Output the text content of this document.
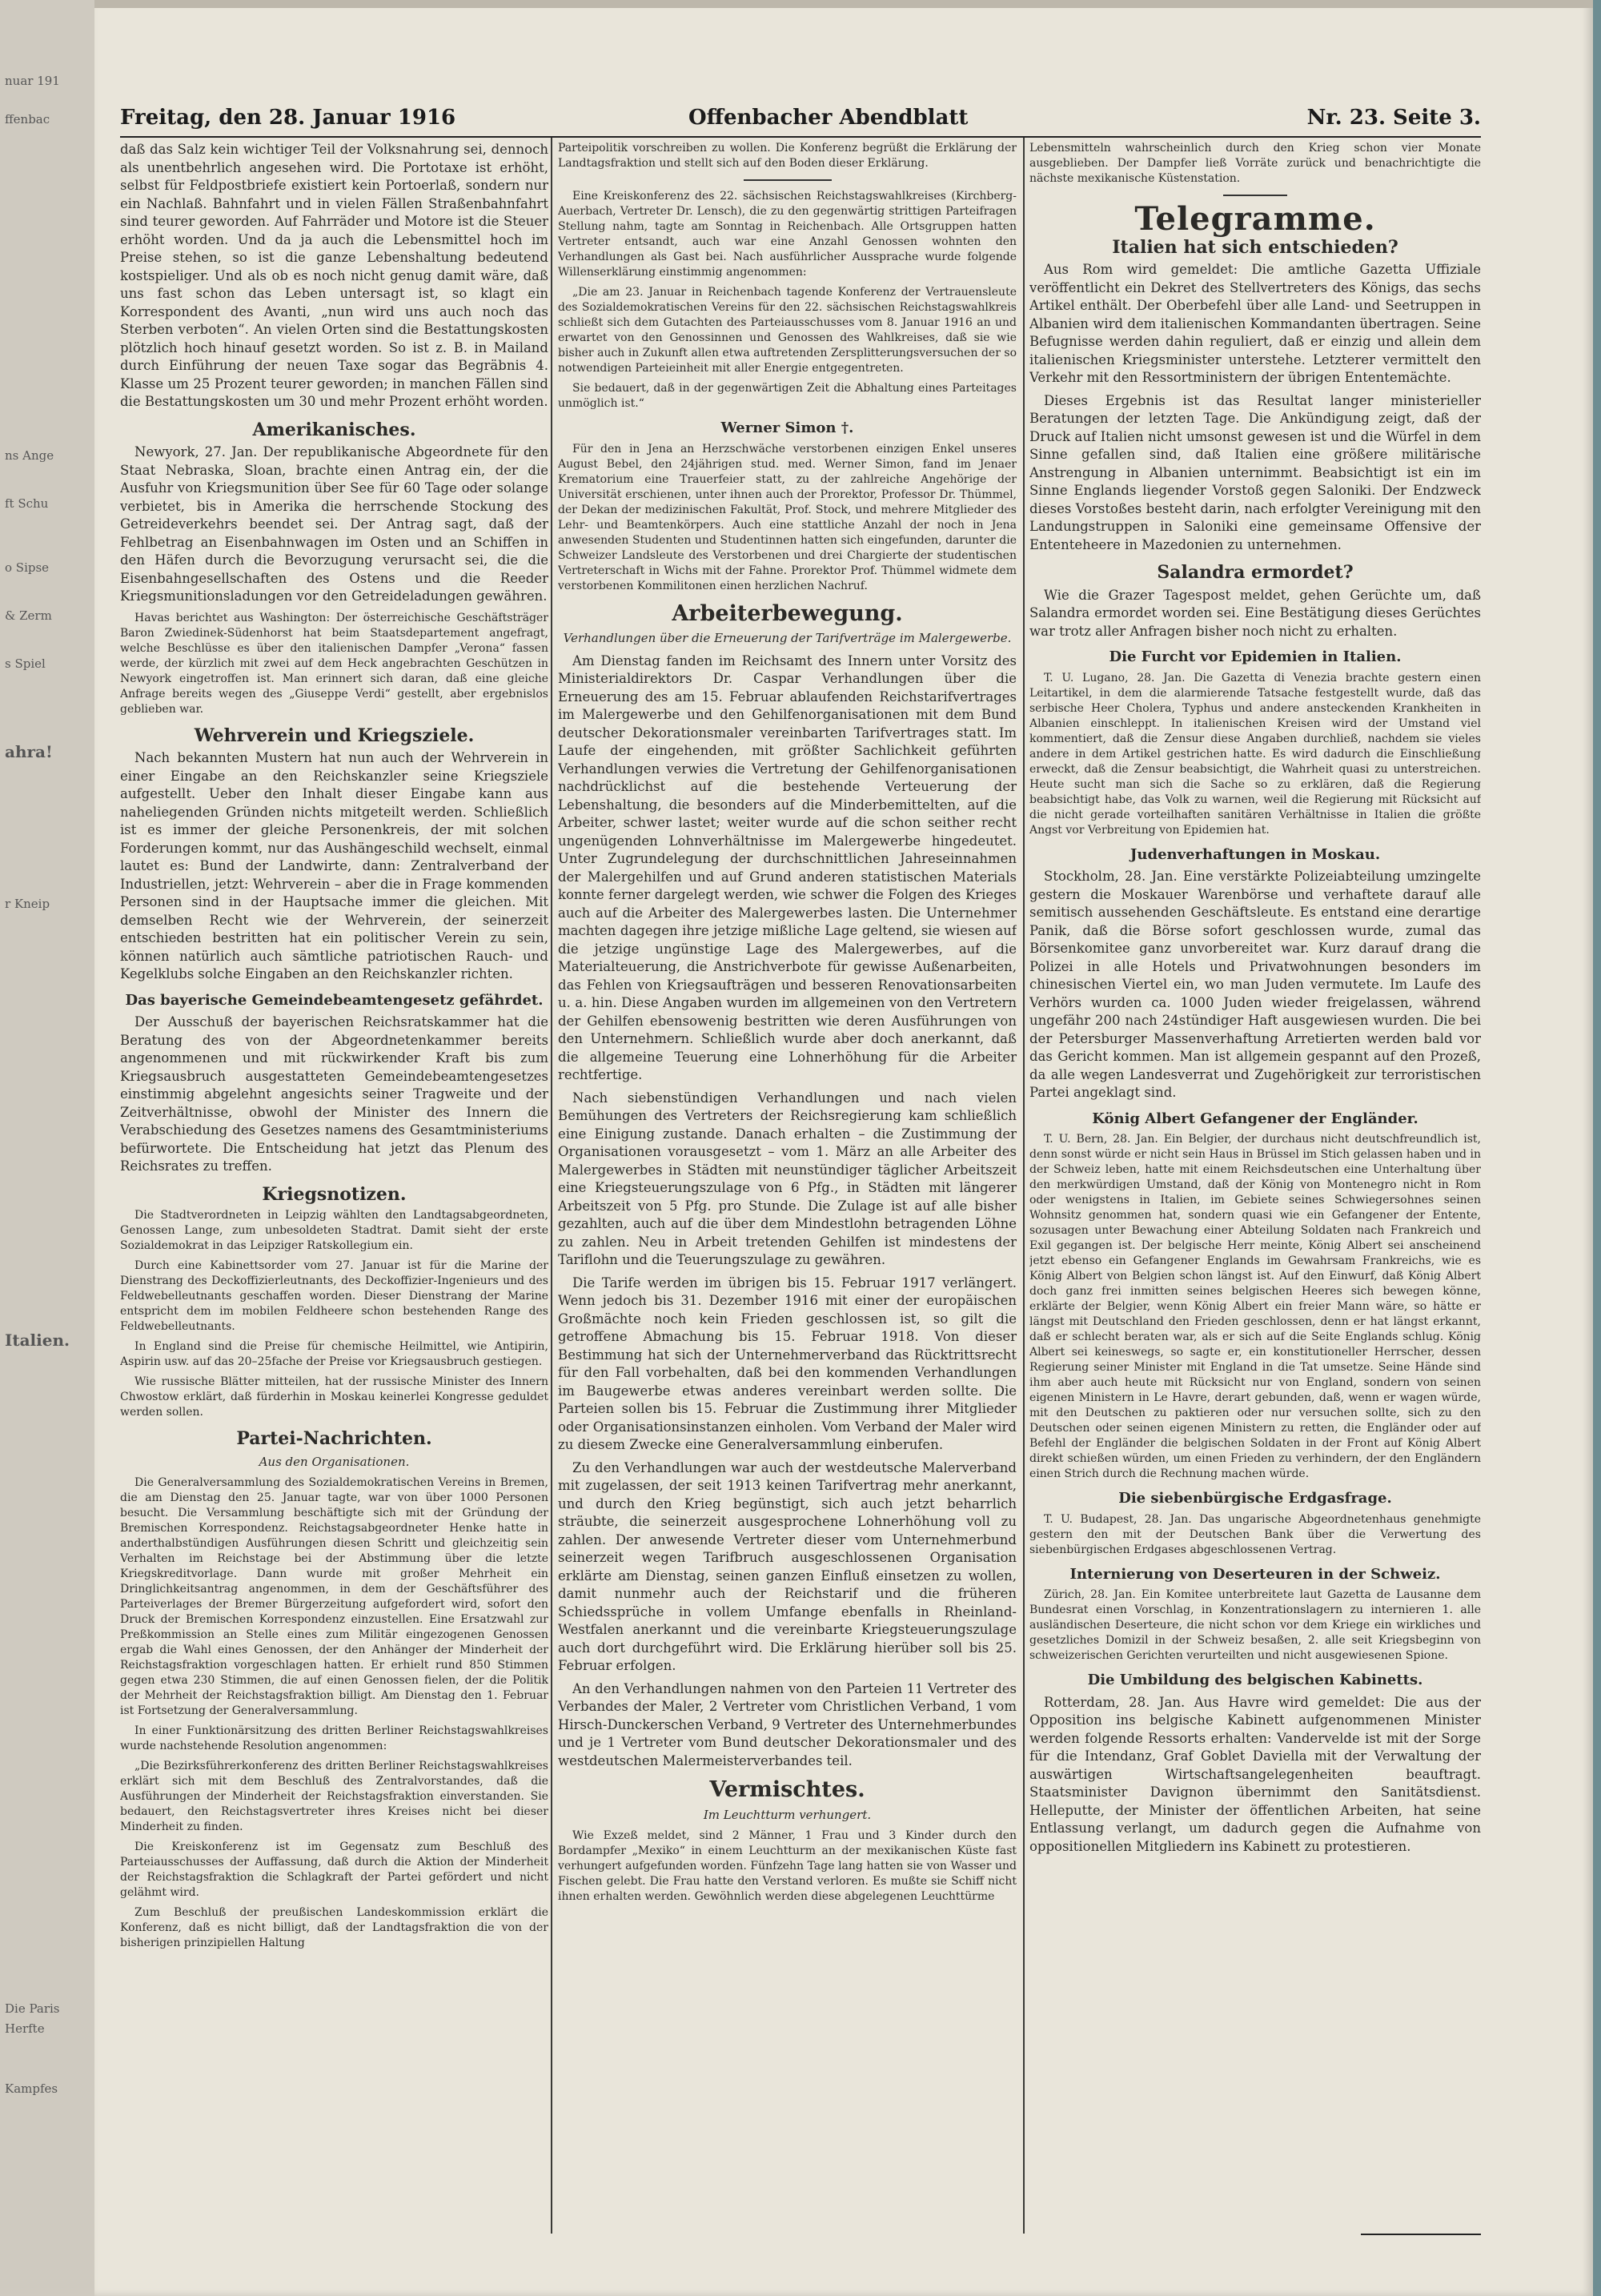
nuar 191
ffenbac
ns Ange
ft Schu
o Sipse
& Zerm
s Spiel
ahra!
r Kneip
Italien.
Die Paris
Herfte
Kampfes
Freitag, den 28. Januar 1916	Offenbacher Abendblatt	Nr. 23. Seite 3.

daß das Salz kein wichtiger Teil der Volksnahrung sei, dennoch als unentbehrlich angesehen wird. Die Portotaxe ist erhöht, selbst für Feldpostbriefe existiert kein Portoerlaß, sondern nur ein Nachlaß. Bahnfahrt und in vielen Fällen Straßenbahnfahrt sind teurer geworden. Auf Fahrräder und Motore ist die Steuer erhöht worden. Und da ja auch die Lebensmittel hoch im Preise stehen, so ist die ganze Lebenshaltung bedeutend kostspieliger. Und als ob es noch nicht genug damit wäre, daß uns fast schon das Leben untersagt ist, so klagt ein Korrespondent des Avanti, „nun wird uns auch noch das Sterben verboten“. An vielen Orten sind die Bestattungskosten plötzlich hoch hinauf gesetzt worden. So ist z. B. in Mailand durch Einführung der neuen Taxe sogar das Begräbnis 4. Klasse um 25 Prozent teurer geworden; in manchen Fällen sind die Bestattungskosten um 30 und mehr Prozent erhöht worden.

Amerikanisches.

Newyork, 27. Jan. Der republikanische Abgeordnete für den Staat Nebraska, Sloan, brachte einen Antrag ein, der die Ausfuhr von Kriegsmunition über See für 60 Tage oder solange verbietet, bis in Amerika die herrschende Stockung des Getreideverkehrs beendet sei. Der Antrag sagt, daß der Fehlbetrag an Eisenbahnwagen im Osten und an Schiffen in den Häfen durch die Bevorzugung verursacht sei, die die Eisenbahngesellschaften des Ostens und die Reeder Kriegsmunitionsladungen vor den Getreideladungen gewähren.

Havas berichtet aus Washington: Der österreichische Geschäftsträger Baron Zwiedinek-Südenhorst hat beim Staatsdepartement angefragt, welche Beschlüsse es über den italienischen Dampfer „Verona“ fassen werde, der kürzlich mit zwei auf dem Heck angebrachten Geschützen in Newyork eingetroffen ist. Man erinnert sich daran, daß eine gleiche Anfrage bereits wegen des „Giuseppe Verdi“ gestellt, aber ergebnislos geblieben war.

Wehrverein und Kriegsziele.

Nach bekannten Mustern hat nun auch der Wehrverein in einer Eingabe an den Reichskanzler seine Kriegsziele aufgestellt. Ueber den Inhalt dieser Eingabe kann aus naheliegenden Gründen nichts mitgeteilt werden. Schließlich ist es immer der gleiche Personenkreis, der mit solchen Forderungen kommt, nur das Aushängeschild wechselt, einmal lautet es: Bund der Landwirte, dann: Zentralverband der Industriellen, jetzt: Wehrverein – aber die in Frage kommenden Personen sind in der Hauptsache immer die gleichen. Mit demselben Recht wie der Wehrverein, der seinerzeit entschieden bestritten hat ein politischer Verein zu sein, können natürlich auch sämtliche patriotischen Rauch- und Kegelklubs solche Eingaben an den Reichskanzler richten.

Das bayerische Gemeindebeamtengesetz gefährdet.

Der Ausschuß der bayerischen Reichsratskammer hat die Beratung des von der Abgeordnetenkammer bereits angenommenen und mit rückwirkender Kraft bis zum Kriegsausbruch ausgestatteten Gemeindebeamtengesetzes einstimmig abgelehnt angesichts seiner Tragweite und der Zeitverhältnisse, obwohl der Minister des Innern die Verabschiedung des Gesetzes namens des Gesamtministeriums befürwortete. Die Entscheidung hat jetzt das Plenum des Reichsrates zu treffen.

Kriegsnotizen.

Die Stadtverordneten in Leipzig wählten den Landtagsabgeordneten, Genossen Lange, zum unbesoldeten Stadtrat. Damit sieht der erste Sozialdemokrat in das Leipziger Ratskollegium ein.

Durch eine Kabinettsorder vom 27. Januar ist für die Marine der Dienstrang des Deckoffizierleutnants, des Deckoffizier-Ingenieurs und des Feldwebelleutnants geschaffen worden. Dieser Dienstrang der Marine entspricht dem im mobilen Feldheere schon bestehenden Range des Feldwebelleutnants.

In England sind die Preise für chemische Heilmittel, wie Antipirin, Aspirin usw. auf das 20–25fache der Preise vor Kriegsausbruch gestiegen.

Wie russische Blätter mitteilen, hat der russische Minister des Innern Chwostow erklärt, daß fürderhin in Moskau keinerlei Kongresse geduldet werden sollen.

Partei-Nachrichten.
Aus den Organisationen.

Die Generalversammlung des Sozialdemokratischen Vereins in Bremen, die am Dienstag den 25. Januar tagte, war von über 1000 Personen besucht. Die Versammlung beschäftigte sich mit der Gründung der Bremischen Korrespondenz. Reichstagsabgeordneter Henke hatte in anderthalbstündigen Ausführungen diesen Schritt und gleichzeitig sein Verhalten im Reichstage bei der Abstimmung über die letzte Kriegskreditvorlage. Dann wurde mit großer Mehrheit ein Dringlichkeitsantrag angenommen, in dem der Geschäftsführer des Parteiverlages der Bremer Bürgerzeitung aufgefordert wird, sofort den Druck der Bremischen Korrespondenz einzustellen. Eine Ersatzwahl zur Preßkommission an Stelle eines zum Militär eingezogenen Genossen ergab die Wahl eines Genossen, der den Anhänger der Minderheit der Reichstagsfraktion vorgeschlagen hatten. Er erhielt rund 850 Stimmen gegen etwa 230 Stimmen, die auf einen Genossen fielen, der die Politik der Mehrheit der Reichstagsfraktion billigt. Am Dienstag den 1. Februar ist Fortsetzung der Generalversammlung.

In einer Funktionärsitzung des dritten Berliner Reichstagswahlkreises wurde nachstehende Resolution angenommen:

„Die Bezirksführerkonferenz des dritten Berliner Reichstagswahlkreises erklärt sich mit dem Beschluß des Zentralvorstandes, daß die Ausführungen der Minderheit der Reichstagsfraktion einverstanden. Sie bedauert, den Reichstagsvertreter ihres Kreises nicht bei dieser Minderheit zu finden.

Die Kreiskonferenz ist im Gegensatz zum Beschluß des Parteiausschusses der Auffassung, daß durch die Aktion der Minderheit der Reichstagsfraktion die Schlagkraft der Partei gefördert und nicht gelähmt wird.

Zum Beschluß der preußischen Landeskommission erklärt die Konferenz, daß es nicht billigt, daß der Landtagsfraktion die von der bisherigen prinzipiellen Haltung

Parteipolitik vorschreiben zu wollen. Die Konferenz begrüßt die Erklärung der Landtagsfraktion und stellt sich auf den Boden dieser Erklärung.

Eine Kreiskonferenz des 22. sächsischen Reichstagswahlkreises (Kirchberg-Auerbach, Vertreter Dr. Lensch), die zu den gegenwärtig strittigen Parteifragen Stellung nahm, tagte am Sonntag in Reichenbach. Alle Ortsgruppen hatten Vertreter entsandt, auch war eine Anzahl Genossen wohnten den Verhandlungen als Gast bei. Nach ausführlicher Aussprache wurde folgende Willenserklärung einstimmig angenommen:

„Die am 23. Januar in Reichenbach tagende Konferenz der Vertrauensleute des Sozialdemokratischen Vereins für den 22. sächsischen Reichstagswahlkreis schließt sich dem Gutachten des Parteiausschusses vom 8. Januar 1916 an und erwartet von den Genossinnen und Genossen des Wahlkreises, daß sie wie bisher auch in Zukunft allen etwa auftretenden Zersplitterungsversuchen der so notwendigen Parteieinheit mit aller Energie entgegentreten.

Sie bedauert, daß in der gegenwärtigen Zeit die Abhaltung eines Parteitages unmöglich ist.“

Werner Simon †.

Für den in Jena an Herzschwäche verstorbenen einzigen Enkel unseres August Bebel, den 24jährigen stud. med. Werner Simon, fand im Jenaer Krematorium eine Trauerfeier statt, zu der zahlreiche Angehörige der Universität erschienen, unter ihnen auch der Prorektor, Professor Dr. Thümmel, der Dekan der medizinischen Fakultät, Prof. Stock, und mehrere Mitglieder des Lehr- und Beamtenkörpers. Auch eine stattliche Anzahl der noch in Jena anwesenden Studenten und Studentinnen hatten sich eingefunden, darunter die Schweizer Landsleute des Verstorbenen und drei Chargierte der studentischen Vertreterschaft in Wichs mit der Fahne. Prorektor Prof. Thümmel widmete dem verstorbenen Kommilitonen einen herzlichen Nachruf.

Arbeiterbewegung.
Verhandlungen über die Erneuerung der Tarifverträge im Malergewerbe.

Am Dienstag fanden im Reichsamt des Innern unter Vorsitz des Ministerialdirektors Dr. Caspar Verhandlungen über die Erneuerung des am 15. Februar ablaufenden Reichstarifvertrages im Malergewerbe und den Gehilfenorganisationen mit dem Bund deutscher Dekorationsmaler vereinbarten Tarifvertrages statt. Im Laufe der eingehenden, mit größter Sachlichkeit geführten Verhandlungen verwies die Vertretung der Gehilfenorganisationen nachdrücklichst auf die bestehende Verteuerung der Lebenshaltung, die besonders auf die Minderbemittelten, auf die Arbeiter, schwer lastet; weiter wurde auf die schon seither recht ungenügenden Lohnverhältnisse im Malergewerbe hingedeutet. Unter Zugrundelegung der durchschnittlichen Jahreseinnahmen der Malergehilfen und auf Grund anderen statistischen Materials konnte ferner dargelegt werden, wie schwer die Folgen des Krieges auch auf die Arbeiter des Malergewerbes lasten. Die Unternehmer machten dagegen ihre jetzige mißliche Lage geltend, sie wiesen auf die jetzige ungünstige Lage des Malergewerbes, auf die Materialteuerung, die Anstrichverbote für gewisse Außenarbeiten, das Fehlen von Kriegsaufträgen und besseren Renovationsarbeiten u. a. hin. Diese Angaben wurden im allgemeinen von den Vertretern der Gehilfen ebensowenig bestritten wie deren Ausführungen von den Unternehmern. Schließlich wurde aber doch anerkannt, daß die allgemeine Teuerung eine Lohnerhöhung für die Arbeiter rechtfertige.

Nach siebenstündigen Verhandlungen und nach vielen Bemühungen des Vertreters der Reichsregierung kam schließlich eine Einigung zustande. Danach erhalten – die Zustimmung der Organisationen vorausgesetzt – vom 1. März an alle Arbeiter des Malergewerbes in Städten mit neunstündiger täglicher Arbeitszeit eine Kriegsteuerungszulage von 6 Pfg., in Städten mit längerer Arbeitszeit von 5 Pfg. pro Stunde. Die Zulage ist auf alle bisher gezahlten, auch auf die über dem Mindestlohn betragenden Löhne zu zahlen. Neu in Arbeit tretenden Gehilfen ist mindestens der Tariflohn und die Teuerungszulage zu gewähren.

Die Tarife werden im übrigen bis 15. Februar 1917 verlängert. Wenn jedoch bis 31. Dezember 1916 mit einer der europäischen Großmächte noch kein Frieden geschlossen ist, so gilt die getroffene Abmachung bis 15. Februar 1918. Von dieser Bestimmung hat sich der Unternehmerverband das Rücktrittsrecht für den Fall vorbehalten, daß bei den kommenden Verhandlungen im Baugewerbe etwas anderes vereinbart werden sollte. Die Parteien sollen bis 15. Februar die Zustimmung ihrer Mitglieder oder Organisationsinstanzen einholen. Vom Verband der Maler wird zu diesem Zwecke eine Generalversammlung einberufen.

Zu den Verhandlungen war auch der westdeutsche Malerverband mit zugelassen, der seit 1913 keinen Tarifvertrag mehr anerkannt, und durch den Krieg begünstigt, sich auch jetzt beharrlich sträubte, die seinerzeit ausgesprochene Lohnerhöhung voll zu zahlen. Der anwesende Vertreter dieser vom Unternehmerbund seinerzeit wegen Tarifbruch ausgeschlossenen Organisation erklärte am Dienstag, seinen ganzen Einfluß einsetzen zu wollen, damit nunmehr auch der Reichstarif und die früheren Schiedssprüche in vollem Umfange ebenfalls in Rheinland-Westfalen anerkannt und die vereinbarte Kriegsteuerungszulage auch dort durchgeführt wird. Die Erklärung hierüber soll bis 25. Februar erfolgen.

An den Verhandlungen nahmen von den Parteien 11 Vertreter des Verbandes der Maler, 2 Vertreter vom Christlichen Verband, 1 vom Hirsch-Dunckerschen Verband, 9 Vertreter des Unternehmerbundes und je 1 Vertreter vom Bund deutscher Dekorationsmaler und des westdeutschen Malermeisterverbandes teil.

Vermischtes.
Im Leuchtturm verhungert.

Wie Exzeß meldet, sind 2 Männer, 1 Frau und 3 Kinder durch den Bordampfer „Mexiko“ in einem Leuchtturm an der mexikanischen Küste fast verhungert aufgefunden worden. Fünfzehn Tage lang hatten sie von Wasser und Fischen gelebt. Die Frau hatte den Verstand verloren. Es mußte sie Schiff nicht ihnen erhalten werden. Gewöhnlich werden diese abgelegenen Leuchttürme

Lebensmitteln wahrscheinlich durch den Krieg schon vier Monate ausgeblieben. Der Dampfer ließ Vorräte zurück und benachrichtigte die nächste mexikanische Küstenstation.

Telegramme.
Italien hat sich entschieden?

Aus Rom wird gemeldet: Die amtliche Gazetta Uffiziale veröffentlicht ein Dekret des Stellvertreters des Königs, das sechs Artikel enthält. Der Oberbefehl über alle Land- und Seetruppen in Albanien wird dem italienischen Kommandanten übertragen. Seine Befugnisse werden dahin reguliert, daß er einzig und allein dem italienischen Kriegsminister unterstehe. Letzterer vermittelt den Verkehr mit den Ressortministern der übrigen Ententemächte.

Dieses Ergebnis ist das Resultat langer ministerieller Beratungen der letzten Tage. Die Ankündigung zeigt, daß der Druck auf Italien nicht umsonst gewesen ist und die Würfel in dem Sinne gefallen sind, daß Italien eine größere militärische Anstrengung in Albanien unternimmt. Beabsichtigt ist ein im Sinne Englands liegender Vorstoß gegen Saloniki. Der Endzweck dieses Vorstoßes besteht darin, nach erfolgter Vereinigung mit den Landungstruppen in Saloniki eine gemeinsame Offensive der Ententeheere in Mazedonien zu unternehmen.

Salandra ermordet?

Wie die Grazer Tagespost meldet, gehen Gerüchte um, daß Salandra ermordet worden sei. Eine Bestätigung dieses Gerüchtes war trotz aller Anfragen bisher noch nicht zu erhalten.

Die Furcht vor Epidemien in Italien.

T. U. Lugano, 28. Jan. Die Gazetta di Venezia brachte gestern einen Leitartikel, in dem die alarmierende Tatsache festgestellt wurde, daß das serbische Heer Cholera, Typhus und andere ansteckenden Krankheiten in Albanien einschleppt. In italienischen Kreisen wird der Umstand viel kommentiert, daß die Zensur diese Angaben durchließ, nachdem sie vieles andere in dem Artikel gestrichen hatte. Es wird dadurch die Einschließung erweckt, daß die Zensur beabsichtigt, die Wahrheit quasi zu unterstreichen. Heute sucht man sich die Sache so zu erklären, daß die Regierung beabsichtigt habe, das Volk zu warnen, weil die Regierung mit Rücksicht auf die nicht gerade vorteilhaften sanitären Verhältnisse in Italien die größte Angst vor Verbreitung von Epidemien hat.

Judenverhaftungen in Moskau.

Stockholm, 28. Jan. Eine verstärkte Polizeiabteilung umzingelte gestern die Moskauer Warenbörse und verhaftete darauf alle semitisch aussehenden Geschäftsleute. Es entstand eine derartige Panik, daß die Börse sofort geschlossen wurde, zumal das Börsenkomitee ganz unvorbereitet war. Kurz darauf drang die Polizei in alle Hotels und Privatwohnungen besonders im chinesischen Viertel ein, wo man Juden vermutete. Im Laufe des Verhörs wurden ca. 1000 Juden wieder freigelassen, während ungefähr 200 nach 24stündiger Haft ausgewiesen wurden. Die bei der Petersburger Massenverhaftung Arretierten werden bald vor das Gericht kommen. Man ist allgemein gespannt auf den Prozeß, da alle wegen Landesverrat und Zugehörigkeit zur terroristischen Partei angeklagt sind.

König Albert Gefangener der Engländer.

T. U. Bern, 28. Jan. Ein Belgier, der durchaus nicht deutschfreundlich ist, denn sonst würde er nicht sein Haus in Brüssel im Stich gelassen haben und in der Schweiz leben, hatte mit einem Reichsdeutschen eine Unterhaltung über den merkwürdigen Umstand, daß der König von Montenegro nicht in Rom oder wenigstens in Italien, im Gebiete seines Schwiegersohnes seinen Wohnsitz genommen hat, sondern quasi wie ein Gefangener der Entente, sozusagen unter Bewachung einer Abteilung Soldaten nach Frankreich und Exil gegangen ist. Der belgische Herr meinte, König Albert sei anscheinend jetzt ebenso ein Gefangener Englands im Gewahrsam Frankreichs, wie es König Albert von Belgien schon längst ist. Auf den Einwurf, daß König Albert doch ganz frei inmitten seines belgischen Heeres sich bewegen könne, erklärte der Belgier, wenn König Albert ein freier Mann wäre, so hätte er längst mit Deutschland den Frieden geschlossen, denn er hat längst erkannt, daß er schlecht beraten war, als er sich auf die Seite Englands schlug. König Albert sei keineswegs, so sagte er, ein konstitutioneller Herrscher, dessen Regierung seiner Minister mit England in die Tat umsetze. Seine Hände sind ihm aber auch heute mit Rücksicht nur von England, sondern von seinen eigenen Ministern in Le Havre, derart gebunden, daß, wenn er wagen würde, mit den Deutschen zu paktieren oder nur versuchen sollte, sich zu den Deutschen oder seinen eigenen Ministern zu retten, die Engländer oder auf Befehl der Engländer die belgischen Soldaten in der Front auf König Albert direkt schießen würden, um einen Frieden zu verhindern, der den Engländern einen Strich durch die Rechnung machen würde.

Die siebenbürgische Erdgasfrage.

T. U. Budapest, 28. Jan. Das ungarische Abgeordnetenhaus genehmigte gestern den mit der Deutschen Bank über die Verwertung des siebenbürgischen Erdgases abgeschlossenen Vertrag.

Internierung von Deserteuren in der Schweiz.

Zürich, 28. Jan. Ein Komitee unterbreitete laut Gazetta de Lausanne dem Bundesrat einen Vorschlag, in Konzentrationslagern zu internieren 1. alle ausländischen Deserteure, die nicht schon vor dem Kriege ein wirkliches und gesetzliches Domizil in der Schweiz besaßen, 2. alle seit Kriegsbeginn von schweizerischen Gerichten verurteilten und nicht ausgewiesenen Spione.

Die Umbildung des belgischen Kabinetts.

Rotterdam, 28. Jan. Aus Havre wird gemeldet: Die aus der Opposition ins belgische Kabinett aufgenommenen Minister werden folgende Ressorts erhalten: Vandervelde ist mit der Sorge für die Intendanz, Graf Goblet Daviella mit der Verwaltung der auswärtigen Wirtschaftsangelegenheiten beauftragt. Staatsminister Davignon übernimmt den Sanitätsdienst. Helleputte, der Minister der öffentlichen Arbeiten, hat seine Entlassung verlangt, um dadurch gegen die Aufnahme von oppositionellen Mitgliedern ins Kabinett zu protestieren.
